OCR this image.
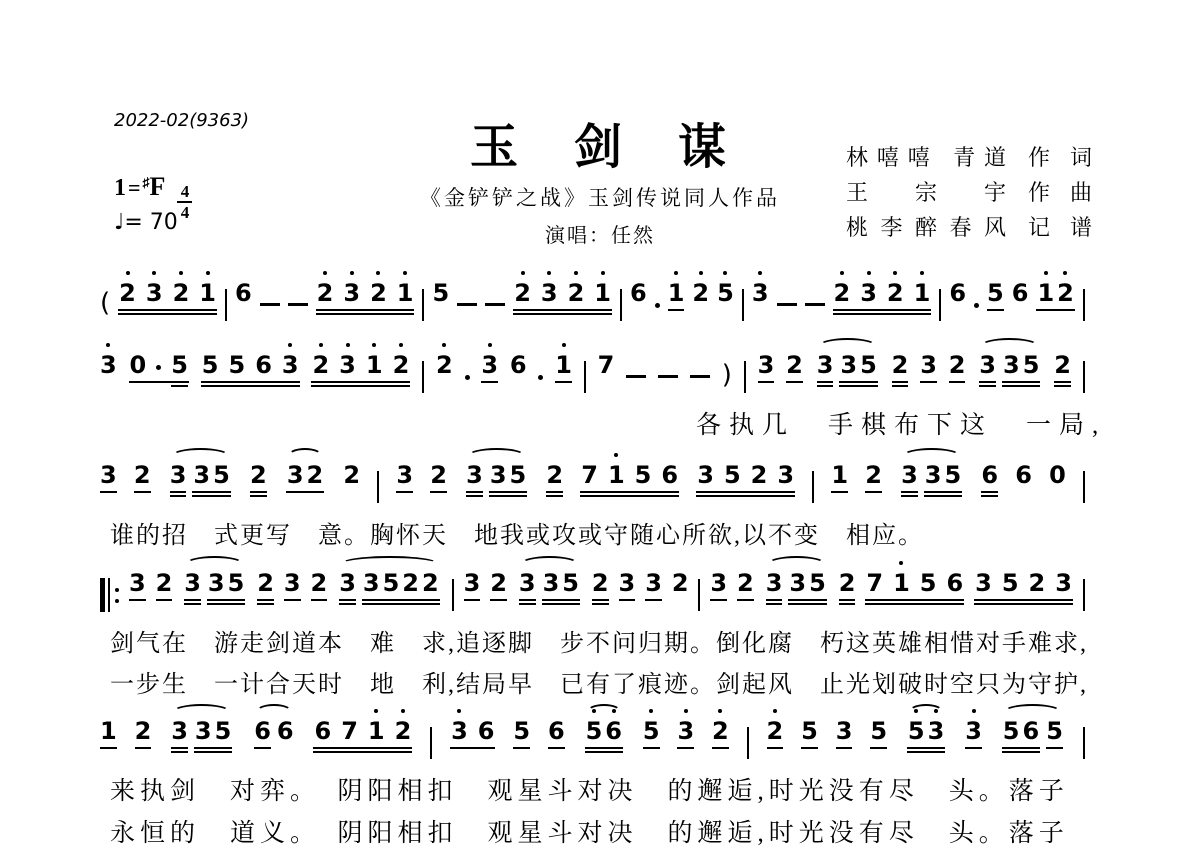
2022-02(9363)
玉　剑　谋
《金铲铲之战》玉剑传说同人作品
演唱：任然
$1= ^♯F \frac{4}{4}$
♩= 70
林嘻嘻 青道 作词
王宗宇 作曲
桃李醉春风 记谱
( 2 3 2 1 6	2 3 2 1 5	2 3 2 1 6 1 2 5 3	2 3 2 1 6 5 6 1 2
3 0 5 5 5 6 3 2 3 1 2 2 3 6 1 7	) 3 2 3 3 5 2 3 2 3 3 5 2
各执几　手棋布下这　一局,
3 2 3 3 5 2 3 2 2 3 2 3 3 5 2 7 1 5 6 3 5 2 3 1 2 3 3 5 6 6 0
谁的招　式更写　意。胸怀天　地我或攻或守随心所欲,以不变　相应。
3 2 3 3 5 2 3 2 3 3 5 2 2 3 2 3 3 5 2 3 3 2 3 2 3 3 5 2 7 1 5 6 3 5 2 3
剑气在　游走剑道本　难　求,追逐脚　步不问归期。倒化腐　朽这英雄相惜对手难求,
一步生　一计合天时　地　利,结局早　已有了痕迹。剑起风　止光划破时空只为守护,
1 2 3 3 5 6 6 6 7 1 2 3 6 5 6 5 6 5 3 2 2 5 3 5 5 3 3 5 6 5
来执剑　对弈。　阴阳相扣　观星斗对决　的邂逅,时光没有尽　头。落子
永恒的　道义。　阴阳相扣　观星斗对决　的邂逅,时光没有尽　头。落子
